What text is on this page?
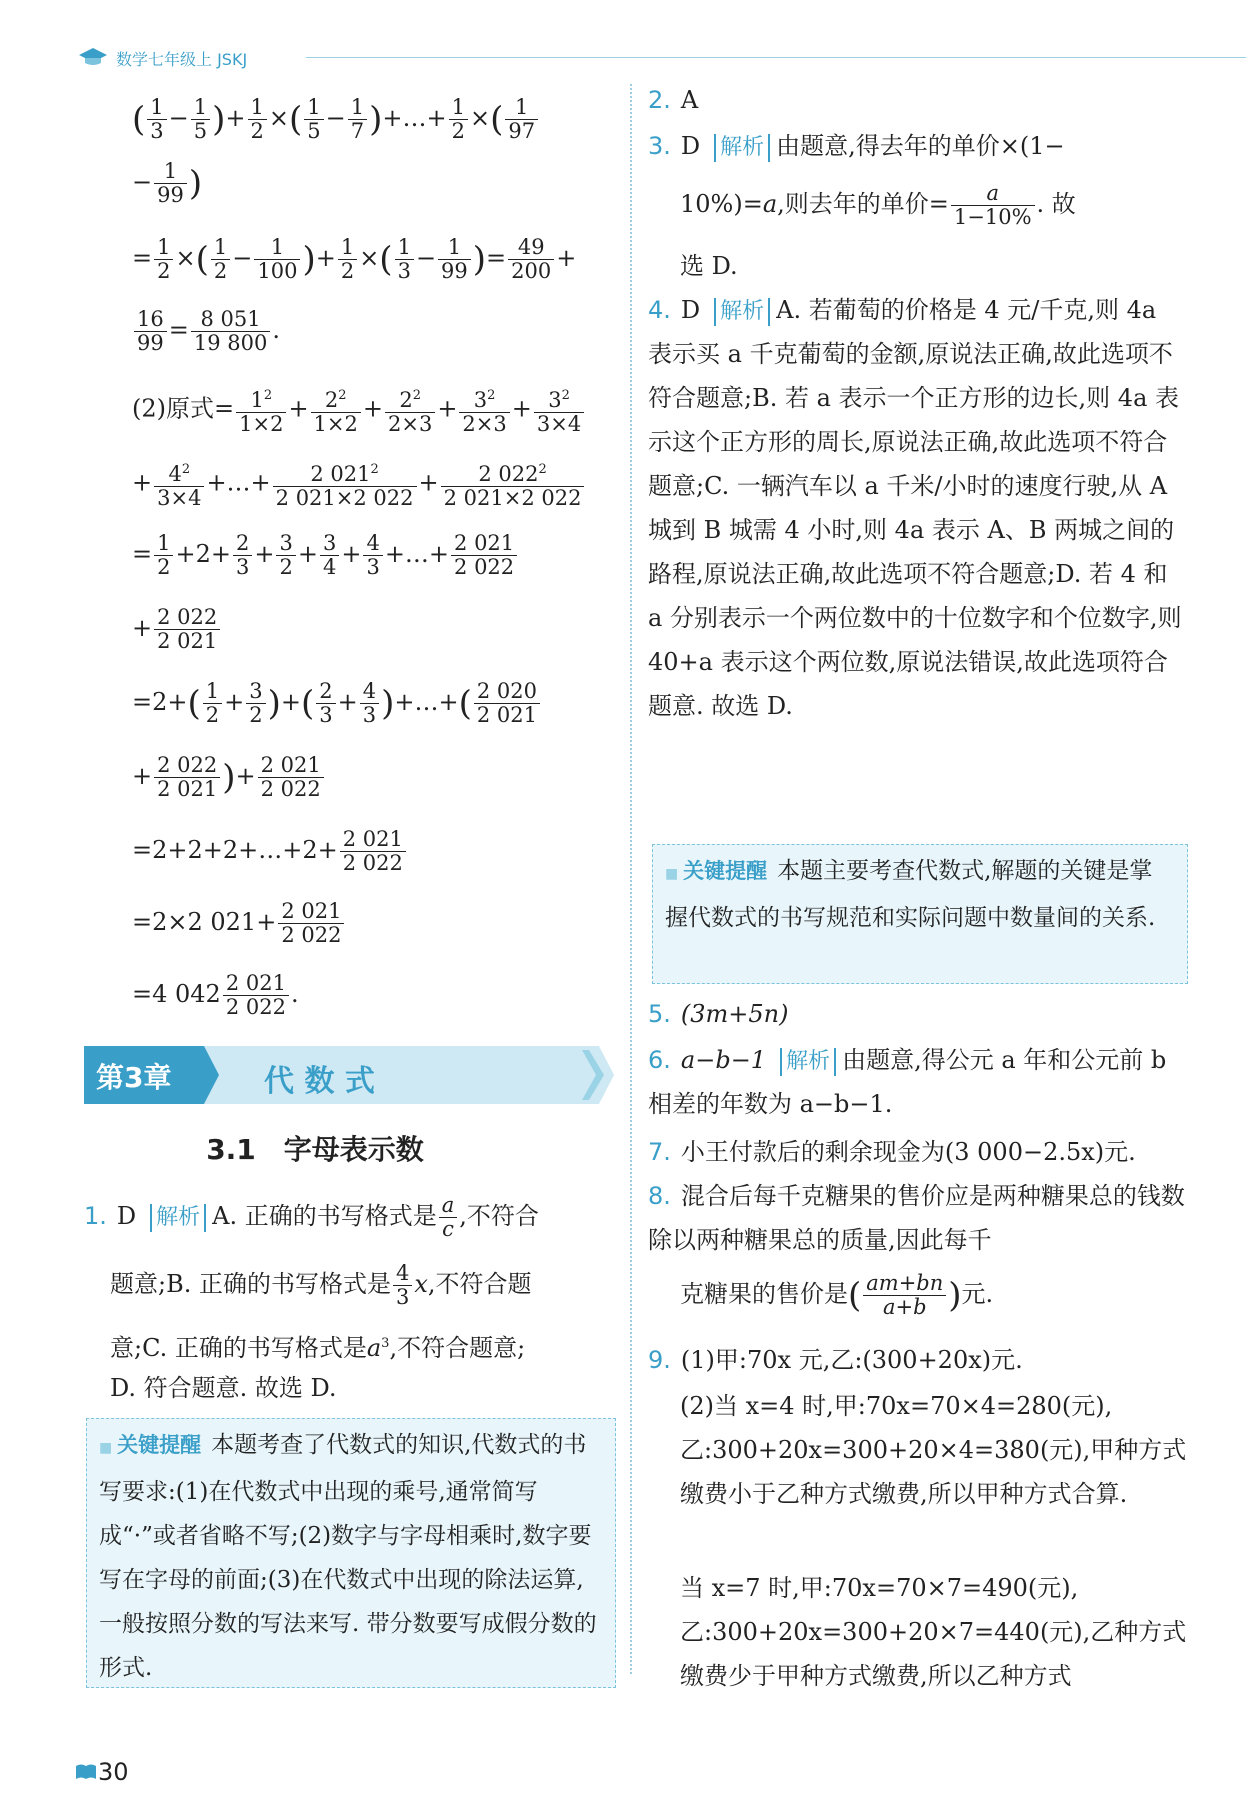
数学七年级上 JSKJ
( $\frac{1}{3} - \frac{1}{5}$ )+ $\frac{1}{2}$ ×( $\frac{1}{5} - \frac{1}{7}$ )+…+ $\frac{1}{2}$ ×( $\frac{1}{97}$
− $\frac{1}{99}$ )
= $\frac{1}{2}$ ×( $\frac{1}{2} - \frac{1}{100}$ )+ $\frac{1}{2}$ ×( $\frac{1}{3} - \frac{1}{99}$ )= $\frac{49}{200}$ +
$\frac{16}{99} = \frac{8 051}{19 800}$ .
(2)原式= $\frac{1^2}{1\times 2} + \frac{2^2}{1\times 2} + \frac{2^2}{2\times 3} + \frac{3^2}{2\times 3} + \frac{3^2}{3\times 4}$
+ $\frac{4^2}{3\times 4}$ +…+ $\frac{2 021^2}{2 021\times 2 022} + \frac{2 022^2}{2 021\times 2 022}$
= $\frac{1}{2} +2+ \frac{2}{3} + \frac{3}{2} + \frac{3}{4} + \frac{4}{3}$ +…+ $\frac{2 021}{2 022}$
+ $\frac{2 022}{2 021}$
$=2+( \frac{1}{2} + \frac{3}{2}$ )+( $\frac{2}{3} + \frac{4}{3}$ )+…+( $\frac{2 020}{2 021}$
+ $\frac{2 022}{2 021}$ )+ $\frac{2 021}{2 022}$
=2+2+2+…+2+ $\frac{2 021}{2 022}$
=2×2 $021+ \frac{2 021}{2 022}$
=4 $042 \frac{2 021}{2 022}$ .
第3章	代 数 式
3.1　字母表示数
1. D 解析 A. 正确的书写格式是 $\frac{a}{c}$ ,不符合
题意;B. 正确的书写格式是 $\frac{4}{3} x$,不符合题
意;C. 正确的书写格式是$a^3$,不符合题意;
D. 符合题意. 故选 D.
■ 关键提醒 本题考查了代数式的知识,代数式的书写要求:(1)在代数式中出现的乘号,通常简写成“·”或者省略不写;(2)数字与字母相乘时,数字要写在字母的前面;(3)在代数式中出现的除法运算,一般按照分数的写法来写. 带分数要写成假分数的形式.
2. A
3. D 解析 由题意,得去年的单价×(1−
10%)=a,则去年的单价= $\frac{a}{1-10\%}$ . 故
选 D.
4. D 解析 A. 若葡萄的价格是 4 元/千克,则 4a 表示买 a 千克葡萄的金额,原说法正确,故此选项不符合题意;B. 若 a 表示一个正方形的边长,则 4a 表示这个正方形的周长,原说法正确,故此选项不符合题意;C. 一辆汽车以 a 千米/小时的速度行驶,从 A 城到 B 城需 4 小时,则 4a 表示 A、B 两城之间的路程,原说法正确,故此选项不符合题意;D. 若 4 和 a 分别表示一个两位数中的十位数字和个位数字,则 40+a 表示这个两位数,原说法错误,故此选项符合题意. 故选 D.
■ 关键提醒 本题主要考查代数式,解题的关键是掌握代数式的书写规范和实际问题中数量间的关系.
5. (3m+5n)
6. a−b−1 解析 由题意,得公元 a 年和公元前 b 相差的年数为 a−b−1.
7. 小王付款后的剩余现金为(3 000−2.5x)元.
8. 混合后每千克糖果的售价应是两种糖果总的钱数除以两种糖果总的质量,因此每千
克糖果的售价是( $\frac{am+bn}{a+b}$ )元.
9. (1)甲:70x 元,乙:(300+20x)元.
(2)当 x=4 时,甲:70x=70×4=280(元),乙:300+20x=300+20×4=380(元),甲种方式缴费小于乙种方式缴费,所以甲种方式合算.
当 x=7 时,甲:70x=70×7=490(元),乙:300+20x=300+20×7=440(元),乙种方式缴费少于甲种方式缴费,所以乙种方式
30
